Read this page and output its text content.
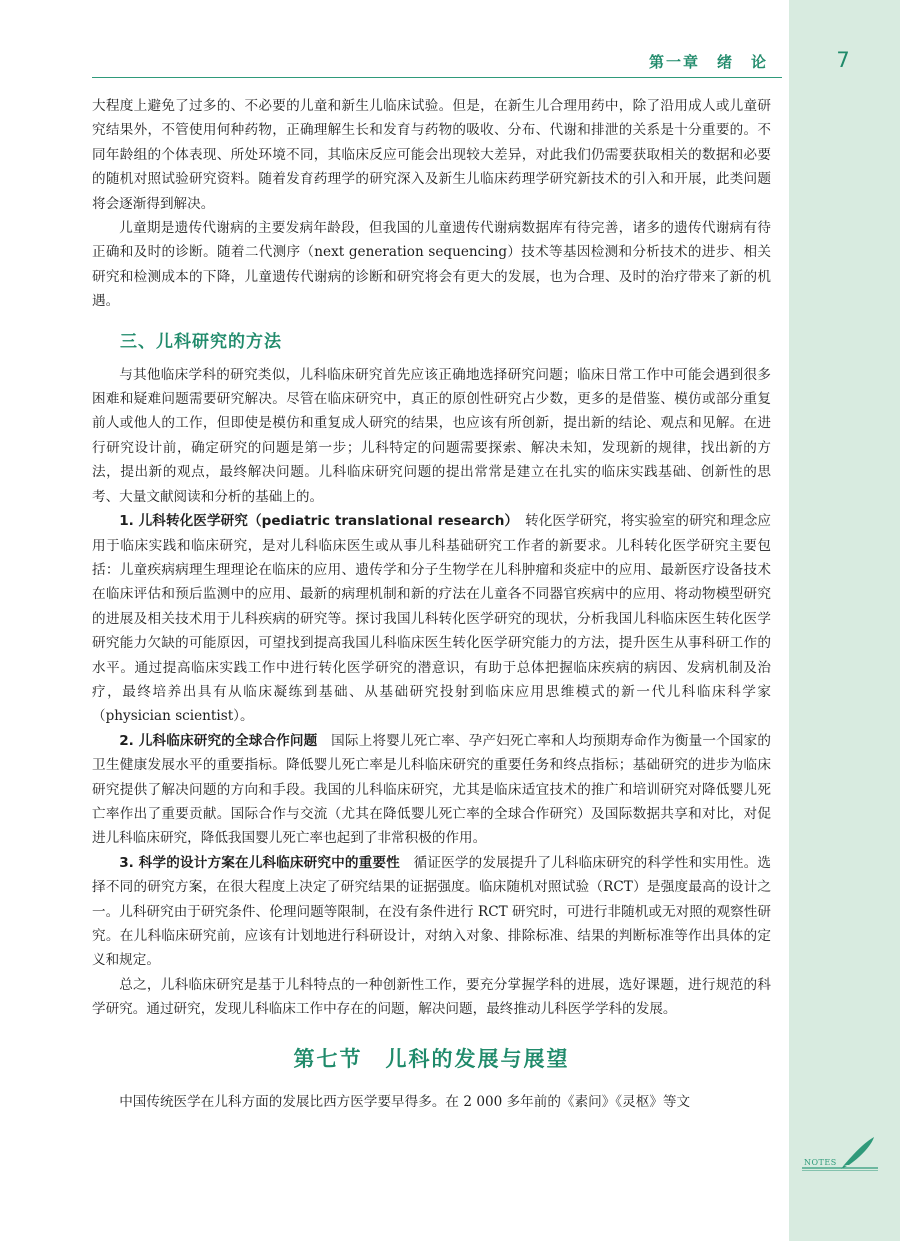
第一章　绪　论	7

大程度上避免了过多的、不必要的儿童和新生儿临床试验。但是，在新生儿合理用药中，除了沿用成人或儿童研究结果外，不管使用何种药物，正确理解生长和发育与药物的吸收、分布、代谢和排泄的关系是十分重要的。不同年龄组的个体表现、所处环境不同，其临床反应可能会出现较大差异，对此我们仍需要获取相关的数据和必要的随机对照试验研究资料。随着发育药理学的研究深入及新生儿临床药理学研究新技术的引入和开展，此类问题将会逐渐得到解决。

儿童期是遗传代谢病的主要发病年龄段，但我国的儿童遗传代谢病数据库有待完善，诸多的遗传代谢病有待正确和及时的诊断。随着二代测序（next generation sequencing）技术等基因检测和分析技术的进步、相关研究和检测成本的下降，儿童遗传代谢病的诊断和研究将会有更大的发展，也为合理、及时的治疗带来了新的机遇。

三、儿科研究的方法

与其他临床学科的研究类似，儿科临床研究首先应该正确地选择研究问题；临床日常工作中可能会遇到很多困难和疑难问题需要研究解决。尽管在临床研究中，真正的原创性研究占少数，更多的是借鉴、模仿或部分重复前人或他人的工作，但即使是模仿和重复成人研究的结果，也应该有所创新，提出新的结论、观点和见解。在进行研究设计前，确定研究的问题是第一步；儿科特定的问题需要探索、解决未知，发现新的规律，找出新的方法，提出新的观点，最终解决问题。儿科临床研究问题的提出常常是建立在扎实的临床实践基础、创新性的思考、大量文献阅读和分析的基础上的。

1. 儿科转化医学研究（pediatric translational research）　转化医学研究，将实验室的研究和理念应用于临床实践和临床研究，是对儿科临床医生或从事儿科基础研究工作者的新要求。儿科转化医学研究主要包括：儿童疾病病理生理理论在临床的应用、遗传学和分子生物学在儿科肿瘤和炎症中的应用、最新医疗设备技术在临床评估和预后监测中的应用、最新的病理机制和新的疗法在儿童各不同器官疾病中的应用、将动物模型研究的进展及相关技术用于儿科疾病的研究等。探讨我国儿科转化医学研究的现状，分析我国儿科临床医生转化医学研究能力欠缺的可能原因，可望找到提高我国儿科临床医生转化医学研究能力的方法，提升医生从事科研工作的水平。通过提高临床实践工作中进行转化医学研究的潜意识，有助于总体把握临床疾病的病因、发病机制及治疗，最终培养出具有从临床凝练到基础、从基础研究投射到临床应用思维模式的新一代儿科临床科学家（physician scientist）。

2. 儿科临床研究的全球合作问题　国际上将婴儿死亡率、孕产妇死亡率和人均预期寿命作为衡量一个国家的卫生健康发展水平的重要指标。降低婴儿死亡率是儿科临床研究的重要任务和终点指标；基础研究的进步为临床研究提供了解决问题的方向和手段。我国的儿科临床研究，尤其是临床适宜技术的推广和培训研究对降低婴儿死亡率作出了重要贡献。国际合作与交流（尤其在降低婴儿死亡率的全球合作研究）及国际数据共享和对比，对促进儿科临床研究，降低我国婴儿死亡率也起到了非常积极的作用。

3. 科学的设计方案在儿科临床研究中的重要性　循证医学的发展提升了儿科临床研究的科学性和实用性。选择不同的研究方案，在很大程度上决定了研究结果的证据强度。临床随机对照试验（RCT）是强度最高的设计之一。儿科研究由于研究条件、伦理问题等限制，在没有条件进行 RCT 研究时，可进行非随机或无对照的观察性研究。在儿科临床研究前，应该有计划地进行科研设计，对纳入对象、排除标准、结果的判断标准等作出具体的定义和规定。

总之，儿科临床研究是基于儿科特点的一种创新性工作，要充分掌握学科的进展，选好课题，进行规范的科学研究。通过研究，发现儿科临床工作中存在的问题，解决问题，最终推动儿科医学学科的发展。

第七节　儿科的发展与展望

中国传统医学在儿科方面的发展比西方医学要早得多。在 2 000 多年前的《素问》《灵枢》等文

NOTES
